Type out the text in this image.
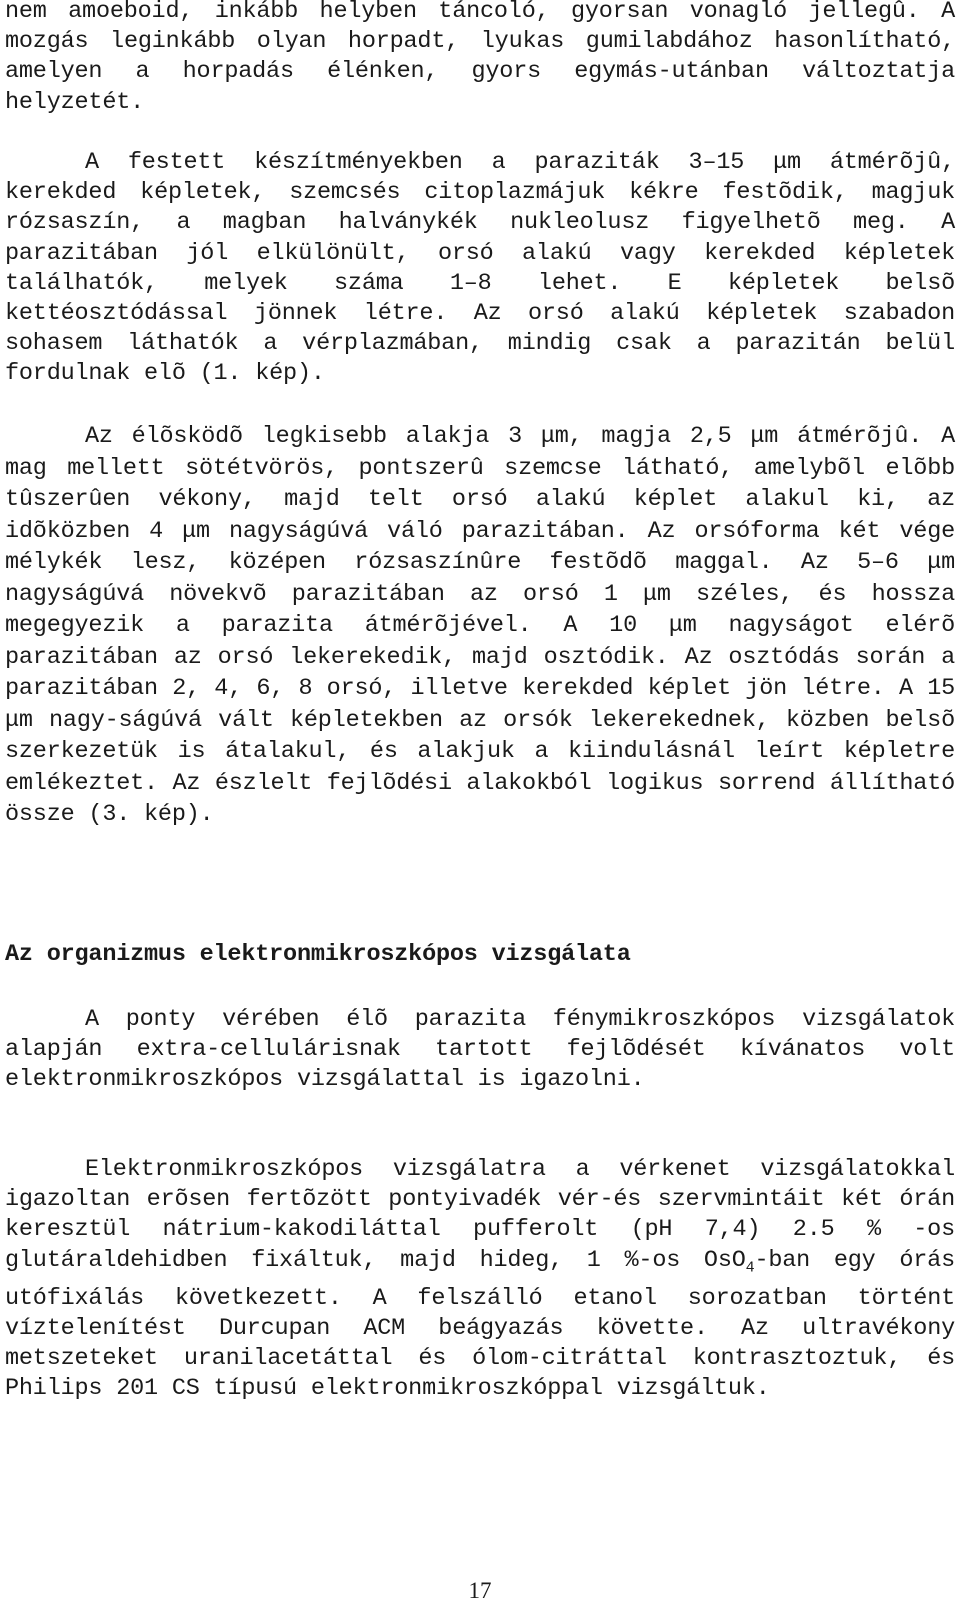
nem amoeboid, inkább helyben táncoló, gyorsan vonagló jellegû. A mozgás leginkább olyan horpadt, lyukas gumilabdához hasonlítható, amelyen a horpadás élénken, gyors egymás-utánban változtatja helyzetét.

A festett készítményekben a paraziták 3–15 μm átmérõjû, kerekded képletek, szemcsés citoplazmájuk kékre festõdik, magjuk rózsaszín, a magban halványkék nukleolusz figyelhetõ meg. A parazitában jól elkülönült, orsó alakú vagy kerekded képletek találhatók, melyek száma 1–8 lehet. E képletek belsõ kettéosztódással jönnek létre. Az orsó alakú képletek szabadon sohasem láthatók a vérplazmában, mindig csak a parazitán belül fordulnak elõ (1. kép).

Az élõsködõ legkisebb alakja 3 μm, magja 2,5 μm átmérõjû. A mag mellett sötétvörös, pontszerû szemcse látható, amelybõl elõbb tûszerûen vékony, majd telt orsó alakú képlet alakul ki, az idõközben 4 μm nagyságúvá váló parazitában. Az orsóforma két vége mélykék lesz, középen rózsaszínûre festõdõ maggal. Az 5–6 μm nagyságúvá növekvõ parazitában az orsó 1 μm széles, és hossza megegyezik a parazita átmérõjével. A 10 μm nagyságot elérõ parazitában az orsó lekerekedik, majd osztódik. Az osztódás során a parazitában 2, 4, 6, 8 orsó, illetve kerekded képlet jön létre. A 15 μm nagy-ságúvá vált képletekben az orsók lekerekednek, közben belsõ szerkezetük is átalakul, és alakjuk a kiindulásnál leírt képletre emlékeztet. Az észlelt fejlõdési alakokból logikus sorrend állítható össze (3. kép).

Az organizmus elektronmikroszkópos vizsgálata

A ponty vérében élõ parazita fénymikroszkópos vizsgálatok alapján extra-cellulárisnak tartott fejlõdését kívánatos volt elektronmikroszkópos vizsgálattal is igazolni.

Elektronmikroszkópos vizsgálatra a vérkenet vizsgálatokkal igazoltan erõsen fertõzött pontyivadék vér-és szervmintáit két órán keresztül nátrium-kakodiláttal pufferolt (pH 7,4) 2.5 % -os glutáraldehidben fixáltuk, majd hideg, 1 %-os OsO$_4$-ban egy órás utófixálás következett. A felszálló etanol sorozatban történt víztelenítést Durcupan ACM beágyazás követte. Az ultravékony metszeteket uranilacetáttal és ólom-citráttal kontrasztoztuk, és Philips 201 CS típusú elektronmikroszkóppal vizsgáltuk.

17
